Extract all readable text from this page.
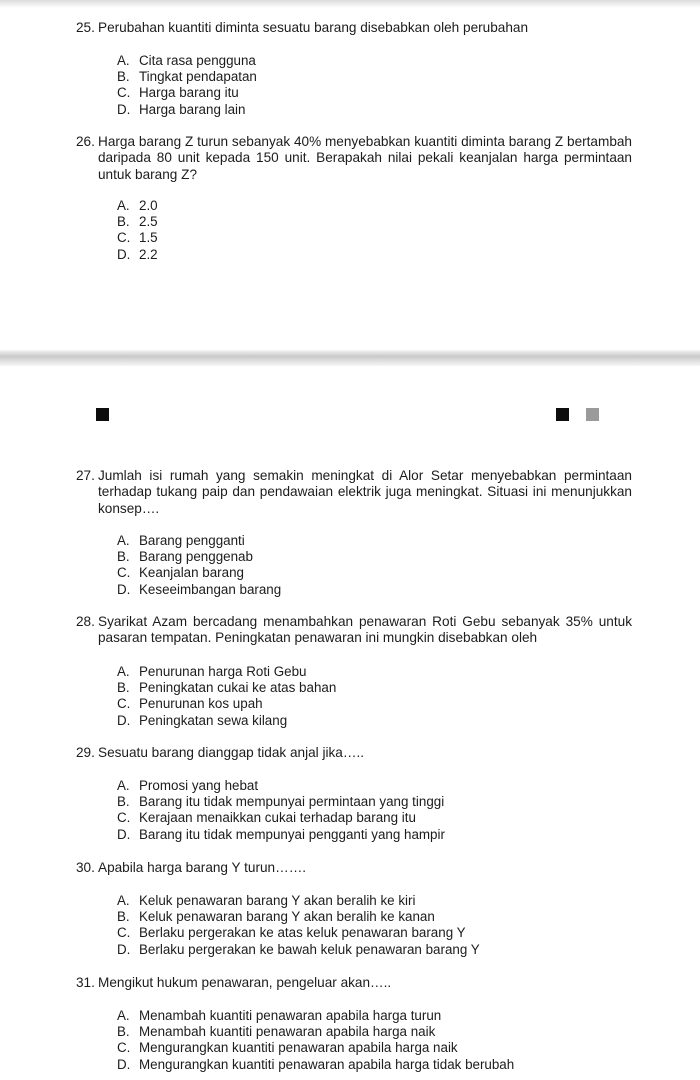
25. Perubahan kuantiti diminta sesuatu barang disebabkan oleh perubahan
A. Cita rasa pengguna
B. Tingkat pendapatan
C. Harga barang itu
D. Harga barang lain
26. Harga barang Z turun sebanyak 40% menyebabkan kuantiti diminta barang Z bertambah daripada 80 unit kepada 150 unit. Berapakah nilai pekali keanjalan harga permintaan untuk barang Z?
A. 2.0
B. 2.5
C. 1.5
D. 2.2
27. Jumlah isi rumah yang semakin meningkat di Alor Setar menyebabkan permintaan terhadap tukang paip dan pendawaian elektrik juga meningkat. Situasi ini menunjukkan konsep….
A. Barang pengganti
B. Barang penggenab
C. Keanjalan barang
D. Keseeimbangan barang
28. Syarikat Azam bercadang menambahkan penawaran Roti Gebu sebanyak 35% untuk pasaran tempatan. Peningkatan penawaran ini mungkin disebabkan oleh
A. Penurunan harga Roti Gebu
B. Peningkatan cukai ke atas bahan
C. Penurunan kos upah
D. Peningkatan sewa kilang
29. Sesuatu barang dianggap tidak anjal jika…..
A. Promosi yang hebat
B. Barang itu tidak mempunyai permintaan yang tinggi
C. Kerajaan menaikkan cukai terhadap barang itu
D. Barang itu tidak mempunyai pengganti yang hampir
30. Apabila harga barang Y turun…….
A. Keluk penawaran barang Y akan beralih ke kiri
B. Keluk penawaran barang Y akan beralih ke kanan
C. Berlaku pergerakan ke atas keluk penawaran barang Y
D. Berlaku pergerakan ke bawah keluk penawaran barang Y
31. Mengikut hukum penawaran, pengeluar akan…..
A. Menambah kuantiti penawaran apabila harga turun
B. Menambah kuantiti penawaran apabila harga naik
C. Mengurangkan kuantiti penawaran apabila harga naik
D. Mengurangkan kuantiti penawaran apabila harga tidak berubah
